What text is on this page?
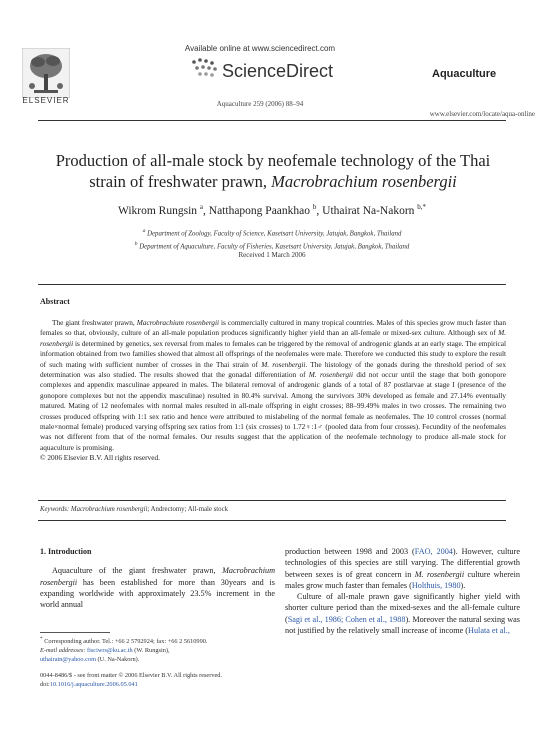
ELSEVIER
Available online at www.sciencedirect.com
ScienceDirect	Aquaculture
Aquaculture 259 (2006) 88–94
www.elsevier.com/locate/aqua-online
Production of all-male stock by neofemale technology of the Thai
strain of freshwater prawn, Macrobrachium rosenbergii
Wikrom Rungsin $^a$, Natthapong Paankhao $^b$, Uthairat Na-Nakorn $^{b,*}$
$^a$ Department of Zoology, Faculty of Science, Kasetsart University, Jatujak, Bangkok, Thailand
$^b$ Department of Aquaculture, Faculty of Fisheries, Kasetsart University, Jatujak, Bangkok, Thailand
Received 1 March 2006
Abstract

The giant freshwater prawn, Macrobrachium rosenbergii is commercially cultured in many tropical countries. Males of this species grow much faster than females so that, obviously, culture of an all-male population produces significantly higher yield than an all-female or mixed-sex culture. Although sex of M. rosenbergii is determined by genetics, sex reversal from males to females can be triggered by the removal of androgenic glands at an early stage. The empirical information obtained from two families showed that almost all offsprings of the neofemales were male. Therefore we conducted this study to explore the result of such mating with sufficient number of crosses in the Thai strain of M. rosenbergii. The histology of the gonads during the threshold period of sex determination was also studied. The results showed that the gonadal differentiation of M. rosenbergii did not occur until the stage that both gonopore complexes and appendix masculinae appeared in males. The bilateral removal of androgenic glands of a total of 87 postlarvae at stage I (presence of the gonopore complexes but not the appendix masculinae) resulted in 80.4% survival. Among the survivors 30% developed as female and 27.14% eventually matured. Mating of 12 neofemales with normal males resulted in all-male offspring in eight crosses; 88–99.49% males in two crosses. The remaining two crosses produced offspring with 1:1 sex ratio and hence were attributed to mislabeling of the normal female as neofemales. The 10 control crosses (normal male×normal female) produced varying offspring sex ratios from 1:1 (six crosses) to 1.72♀:1♂ (pooled data from four crosses). Fecundity of the neofemales was not different from that of the normal females. Our results suggest that the application of the neofemale technology to produce all-male stock for aquaculture is promising.

© 2006 Elsevier B.V. All rights reserved.
Keywords: Macrobrachium rosenbergii; Andrectomy; All-male stock
1. Introduction

Aquaculture of the giant freshwater prawn, Macrobrachium rosenbergii has been established for more than 30years and is expanding worldwide with approximately 23.5% increment in the world annual

production between 1998 and 2003 (FAO, 2004). However, culture technologies of this species are still varying. The differential growth between sexes is of great concern in M. rosenbergii culture wherein males grow much faster than females (Holthuis, 1980).

Culture of all-male prawn gave significantly higher yield with shorter culture period than the mixed-sexes and the all-female culture (Sagi et al., 1986; Cohen et al., 1988). Moreover the natural sexing was not justified by the relatively small increase of income (Hulata et al.,

* Corresponding author. Tel.: +66 2 5792924; fax: +66 2 5610990.
E-mail addresses: fisciwrs@ku.ac.th (W. Rungsin),
uthairatn@yahoo.com (U. Na-Nakorn).
0044-8486/$ - see front matter © 2006 Elsevier B.V. All rights reserved.
doi:10.1016/j.aquaculture.2006.05.041
